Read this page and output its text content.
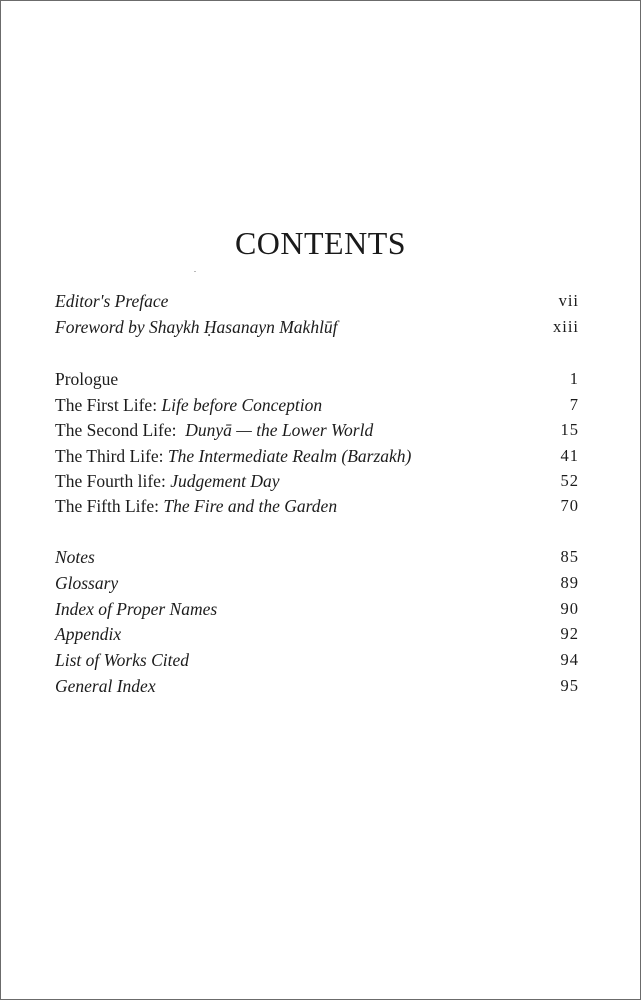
CONTENTS
Editor's Preface	vii
Foreword by Shaykh Ḥasanayn Makhlūf	xiii
Prologue	1
The First Life: Life before Conception	7
The Second Life:  Dunyā — the Lower World	15
The Third Life: The Intermediate Realm (Barzakh)	41
The Fourth life: Judgement Day	52
The Fifth Life: The Fire and the Garden	70
Notes	85
Glossary	89
Index of Proper Names	90
Appendix	92
List of Works Cited	94
General Index	95
